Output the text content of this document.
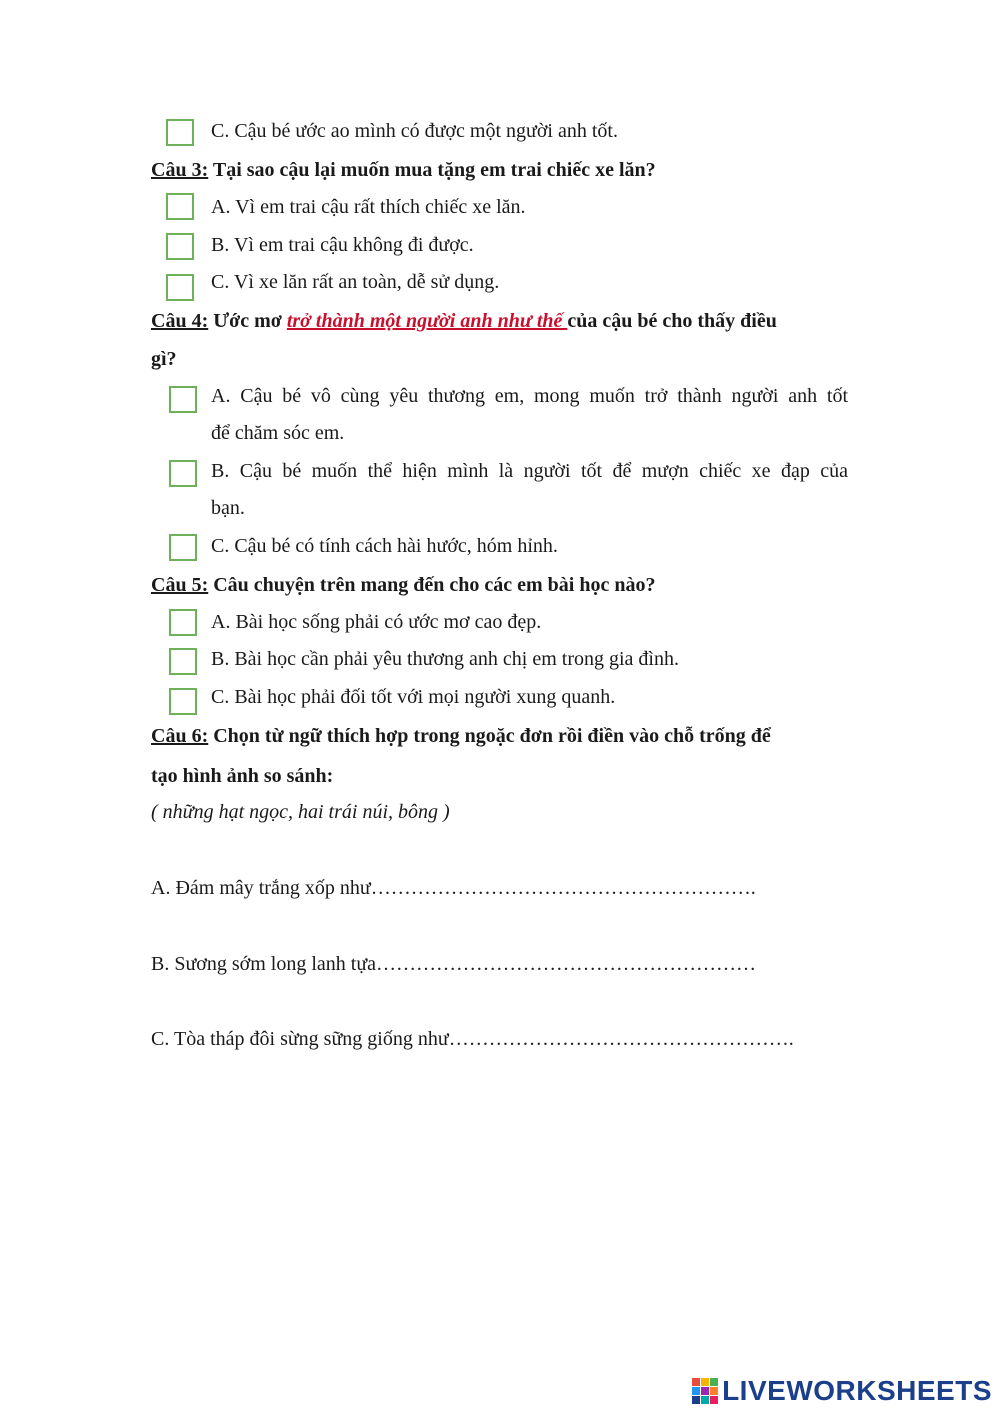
C. Cậu bé ước ao mình có được một người anh tốt.
Câu 3: Tại sao cậu lại muốn mua tặng em trai chiếc xe lăn?
A. Vì em trai cậu rất thích chiếc xe lăn.
B. Vì em trai cậu không đi được.
C. Vì xe lăn rất an toàn, dễ sử dụng.
Câu 4: Ước mơ trở thành một người anh như thế của cậu bé cho thấy điều
gì?
A. Cậu bé vô cùng yêu thương em, mong muốn trở thành người anh tốt
để chăm sóc em.
B. Cậu bé muốn thể hiện mình là người tốt để mượn chiếc xe đạp của
bạn.
C. Cậu bé có tính cách hài hước, hóm hỉnh.
Câu 5: Câu chuyện trên mang đến cho các em bài học nào?
A. Bài học sống phải có ước mơ cao đẹp.
B. Bài học cần phải yêu thương anh chị em trong gia đình.
C. Bài học phải đối tốt với mọi người xung quanh.
Câu 6: Chọn từ ngữ thích hợp trong ngoặc đơn rồi điền vào chỗ trống để
tạo hình ảnh so sánh:
( những hạt ngọc, hai trái núi, bông )
A. Đám mây trắng xốp như………………………………………………….
B. Sương sớm long lanh tựa…………………………………………………
C. Tòa tháp đôi sừng sững giống như…………………………………………….
LIVEWORKSHEETS
